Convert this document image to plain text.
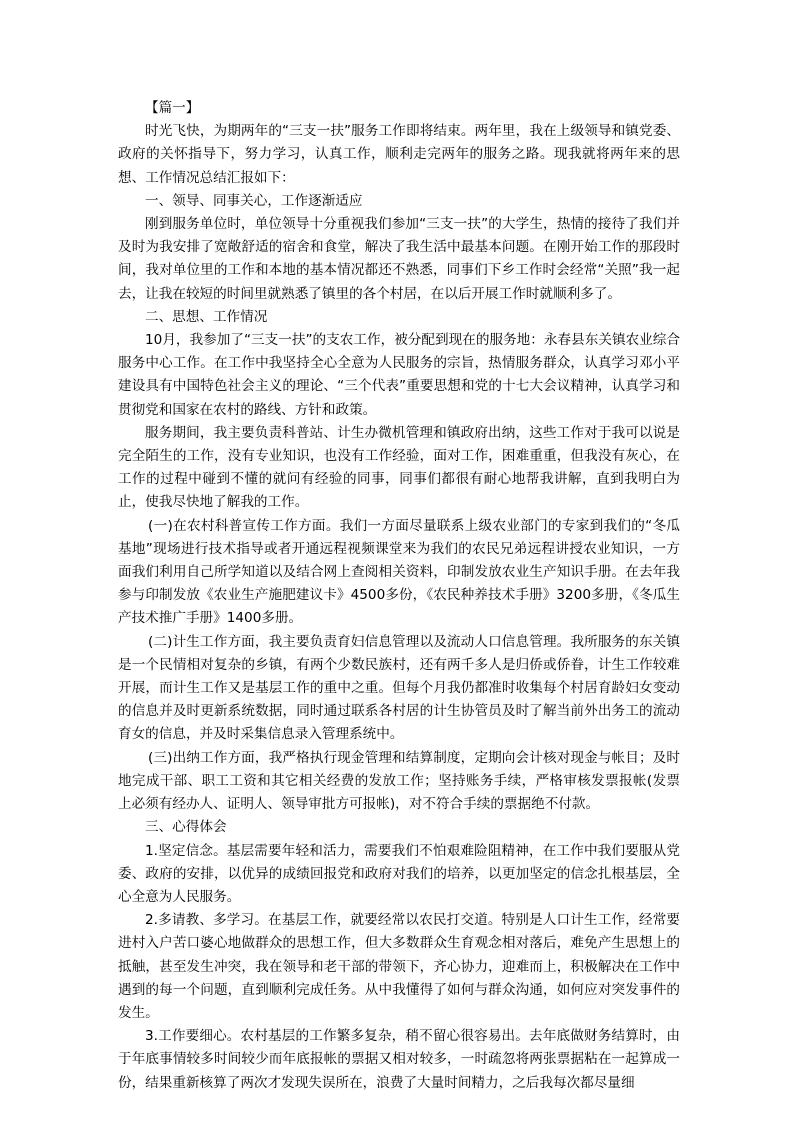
【篇一】

时光飞快，为期两年的“三支一扶”服务工作即将结束。两年里，我在上级领导和镇党委、政府的关怀指导下，努力学习，认真工作，顺利走完两年的服务之路。现我就将两年来的思想、工作情况总结汇报如下：

一、领导、同事关心，工作逐渐适应

刚到服务单位时，单位领导十分重视我们参加“三支一扶”的大学生，热情的接待了我们并及时为我安排了宽敞舒适的宿舍和食堂，解决了我生活中最基本问题。在刚开始工作的那段时间，我对单位里的工作和本地的基本情况都还不熟悉，同事们下乡工作时会经常“关照”我一起去，让我在较短的时间里就熟悉了镇里的各个村居，在以后开展工作时就顺利多了。

二、思想、工作情况

10月，我参加了“三支一扶”的支农工作，被分配到现在的服务地：永春县东关镇农业综合服务中心工作。在工作中我坚持全心全意为人民服务的宗旨，热情服务群众，认真学习邓小平建设具有中国特色社会主义的理论、“三个代表”重要思想和党的十七大会议精神，认真学习和贯彻党和国家在农村的路线、方针和政策。

服务期间，我主要负责科普站、计生办微机管理和镇政府出纳，这些工作对于我可以说是完全陌生的工作，没有专业知识，也没有工作经验，面对工作，困难重重，但我没有灰心，在工作的过程中碰到不懂的就问有经验的同事，同事们都很有耐心地帮我讲解，直到我明白为止，使我尽快地了解我的工作。

(一)在农村科普宣传工作方面。我们一方面尽量联系上级农业部门的专家到我们的“冬瓜基地”现场进行技术指导或者开通远程视频课堂来为我们的农民兄弟远程讲授农业知识，一方面我们利用自己所学知道以及结合网上查阅相关资料，印制发放农业生产知识手册。在去年我参与印制发放《农业生产施肥建议卡》4500多份，《农民种养技术手册》3200多册，《冬瓜生产技术推广手册》1400多册。

(二)计生工作方面，我主要负责育妇信息管理以及流动人口信息管理。我所服务的东关镇是一个民情相对复杂的乡镇，有两个少数民族村，还有两千多人是归侨或侨眷，计生工作较难开展，而计生工作又是基层工作的重中之重。但每个月我仍都准时收集每个村居育龄妇女变动的信息并及时更新系统数据，同时通过联系各村居的计生协管员及时了解当前外出务工的流动育女的信息，并及时采集信息录入管理系统中。

(三)出纳工作方面，我严格执行现金管理和结算制度，定期向会计核对现金与帐目；及时地完成干部、职工工资和其它相关经费的发放工作；坚持账务手续，严格审核发票报帐(发票上必须有经办人、证明人、领导审批方可报帐)，对不符合手续的票据绝不付款。

三、心得体会

1.坚定信念。基层需要年轻和活力，需要我们不怕艰难险阻精神，在工作中我们要服从党委、政府的安排，以优异的成绩回报党和政府对我们的培养，以更加坚定的信念扎根基层，全心全意为人民服务。

2.多请教、多学习。在基层工作，就要经常以农民打交道。特别是人口计生工作，经常要进村入户苦口婆心地做群众的思想工作，但大多数群众生育观念相对落后，难免产生思想上的抵触，甚至发生冲突，我在领导和老干部的带领下，齐心协力，迎难而上，积极解决在工作中遇到的每一个问题，直到顺利完成任务。从中我懂得了如何与群众沟通，如何应对突发事件的发生。

3.工作要细心。农村基层的工作繁多复杂，稍不留心很容易出。去年底做财务结算时，由于年底事情较多时间较少而年底报帐的票据又相对较多，一时疏忽将两张票据粘在一起算成一份，结果重新核算了两次才发现失误所在，浪费了大量时间精力，之后我每次都尽量细
